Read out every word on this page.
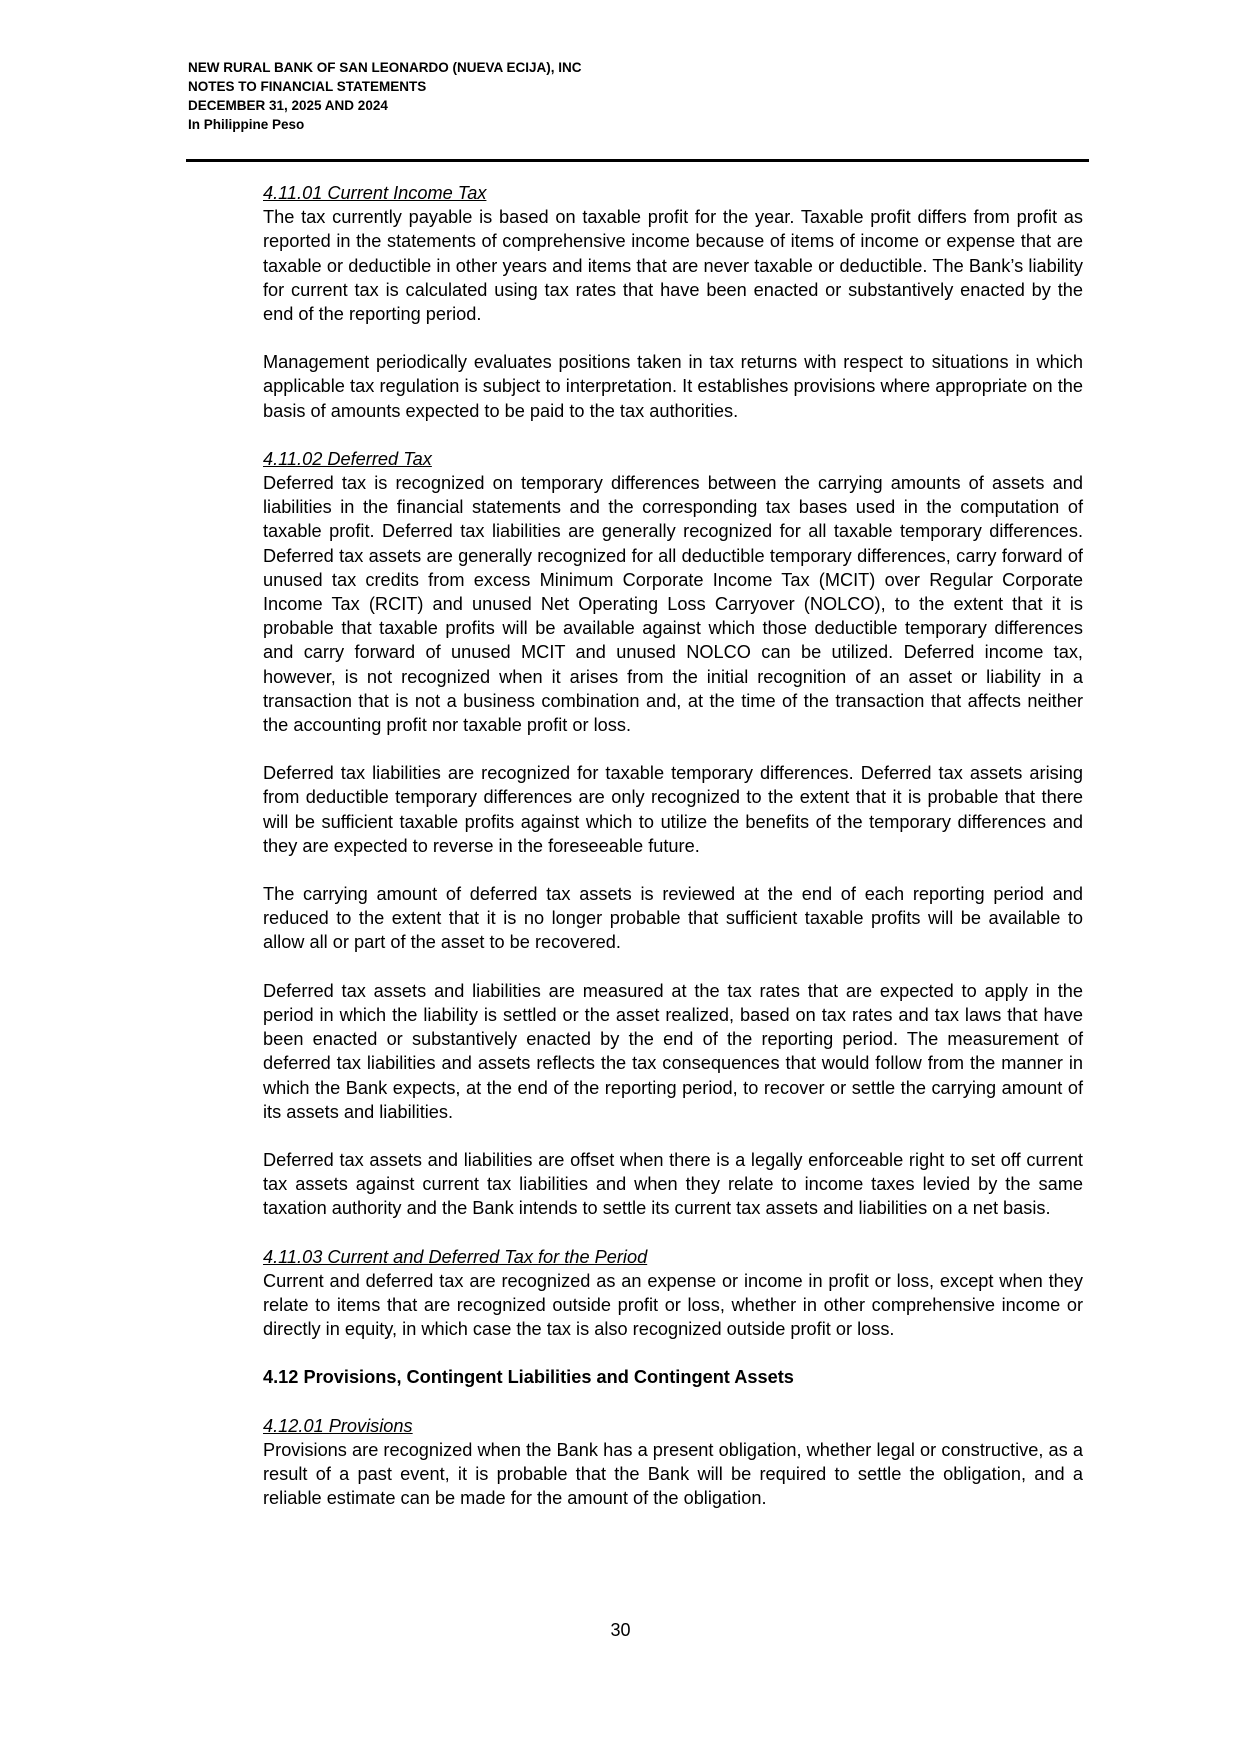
NEW RURAL BANK OF SAN LEONARDO (NUEVA ECIJA), INC
NOTES TO FINANCIAL STATEMENTS
DECEMBER 31, 2025 AND 2024
In Philippine Peso

4.11.01 Current Income Tax

The tax currently payable is based on taxable profit for the year. Taxable profit differs from profit as reported in the statements of comprehensive income because of items of income or expense that are taxable or deductible in other years and items that are never taxable or deductible. The Bank’s liability for current tax is calculated using tax rates that have been enacted or substantively enacted by the end of the reporting period.

Management periodically evaluates positions taken in tax returns with respect to situations in which applicable tax regulation is subject to interpretation. It establishes provisions where appropriate on the basis of amounts expected to be paid to the tax authorities.

4.11.02 Deferred Tax

Deferred tax is recognized on temporary differences between the carrying amounts of assets and liabilities in the financial statements and the corresponding tax bases used in the computation of taxable profit. Deferred tax liabilities are generally recognized for all taxable temporary differences. Deferred tax assets are generally recognized for all deductible temporary differences, carry forward of unused tax credits from excess Minimum Corporate Income Tax (MCIT) over Regular Corporate Income Tax (RCIT) and unused Net Operating Loss Carryover (NOLCO), to the extent that it is probable that taxable profits will be available against which those deductible temporary differences and carry forward of unused MCIT and unused NOLCO can be utilized. Deferred income tax, however, is not recognized when it arises from the initial recognition of an asset or liability in a transaction that is not a business combination and, at the time of the transaction that affects neither the accounting profit nor taxable profit or loss.

Deferred tax liabilities are recognized for taxable temporary differences. Deferred tax assets arising from deductible temporary differences are only recognized to the extent that it is probable that there will be sufficient taxable profits against which to utilize the benefits of the temporary differences and they are expected to reverse in the foreseeable future.

The carrying amount of deferred tax assets is reviewed at the end of each reporting period and reduced to the extent that it is no longer probable that sufficient taxable profits will be available to allow all or part of the asset to be recovered.

Deferred tax assets and liabilities are measured at the tax rates that are expected to apply in the period in which the liability is settled or the asset realized, based on tax rates and tax laws that have been enacted or substantively enacted by the end of the reporting period. The measurement of deferred tax liabilities and assets reflects the tax consequences that would follow from the manner in which the Bank expects, at the end of the reporting period, to recover or settle the carrying amount of its assets and liabilities.

Deferred tax assets and liabilities are offset when there is a legally enforceable right to set off current tax assets against current tax liabilities and when they relate to income taxes levied by the same taxation authority and the Bank intends to settle its current tax assets and liabilities on a net basis.

4.11.03 Current and Deferred Tax for the Period

Current and deferred tax are recognized as an expense or income in profit or loss, except when they relate to items that are recognized outside profit or loss, whether in other comprehensive income or directly in equity, in which case the tax is also recognized outside profit or loss.

4.12 Provisions, Contingent Liabilities and Contingent Assets

4.12.01 Provisions

Provisions are recognized when the Bank has a present obligation, whether legal or constructive, as a result of a past event, it is probable that the Bank will be required to settle the obligation, and a reliable estimate can be made for the amount of the obligation.

30
